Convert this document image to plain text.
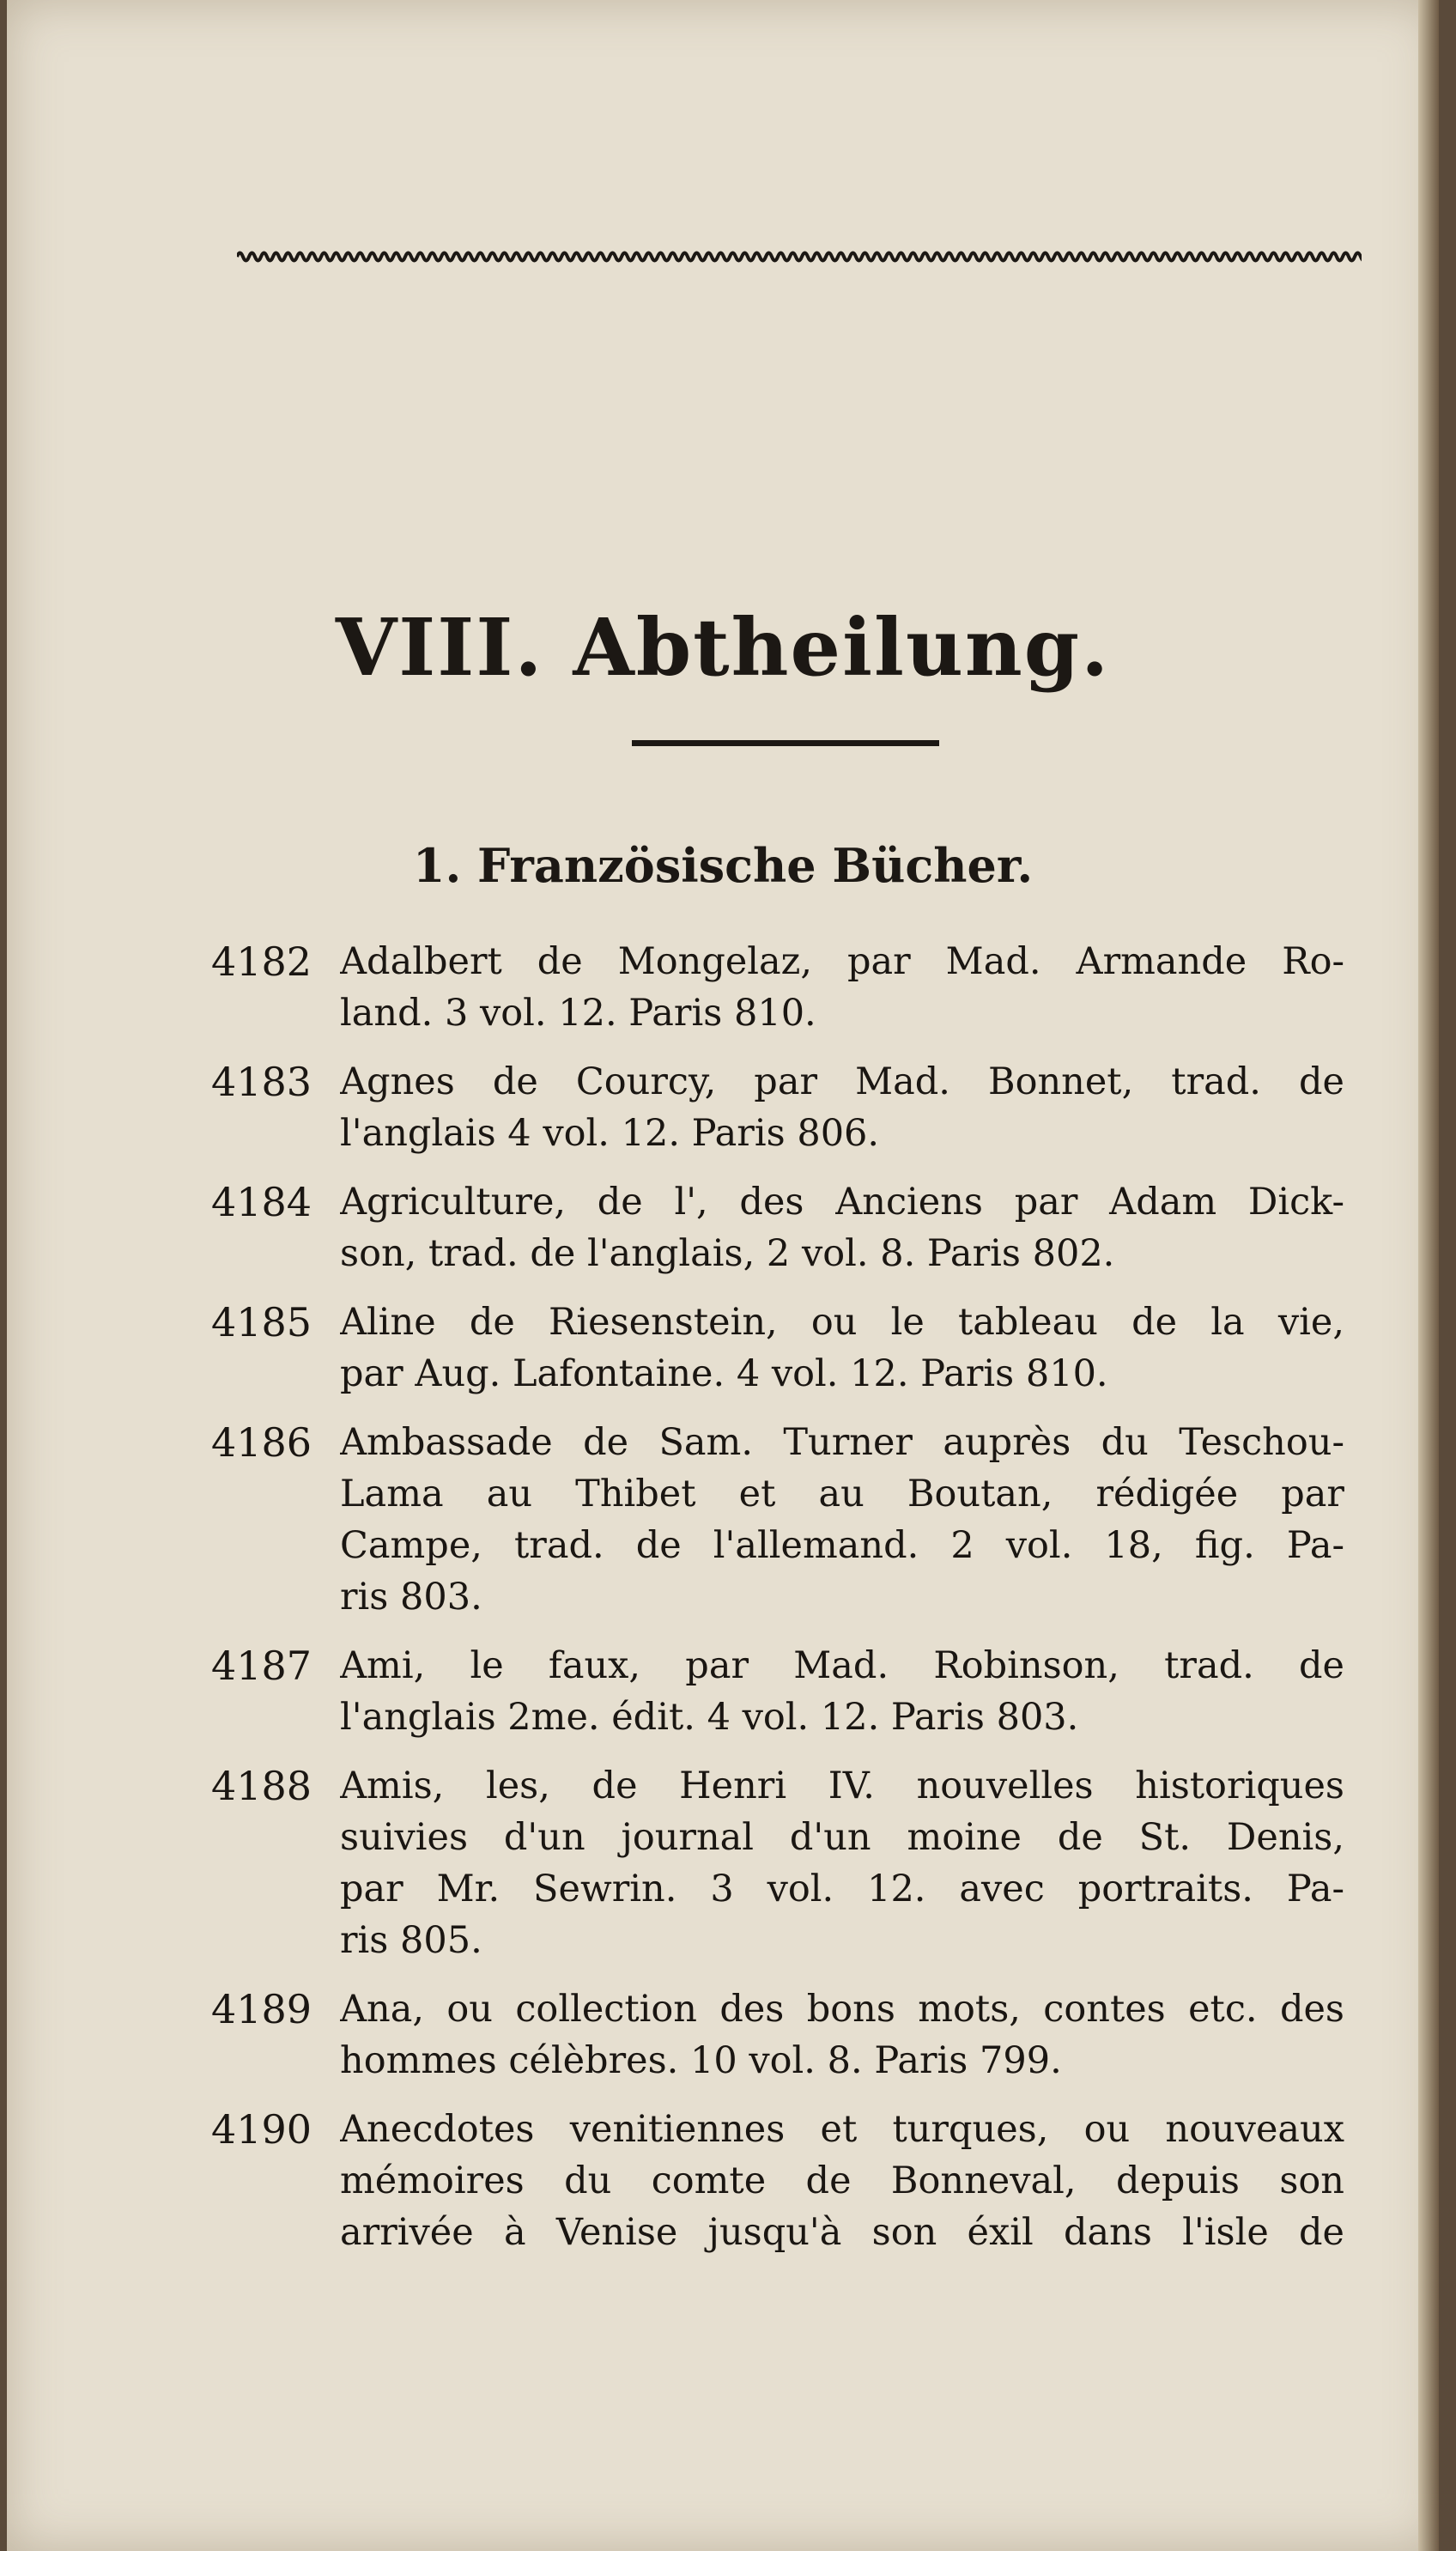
VIII. Abtheilung.
1. Französische Bücher.
4182 Adalbert de Mongelaz, par Mad. Armande Ro-
land. 3 vol. 12. Paris 810.
4183 Agnes de Courcy, par Mad. Bonnet, trad. de
l'anglais 4 vol. 12. Paris 806.
4184 Agriculture, de l', des Anciens par Adam Dick-
son, trad. de l'anglais, 2 vol. 8. Paris 802.
4185 Aline de Riesenstein, ou le tableau de la vie,
par Aug. Lafontaine. 4 vol. 12. Paris 810.
4186 Ambassade de Sam. Turner auprès du Teschou-
Lama au Thibet et au Boutan, rédigée par
Campe, trad. de l'allemand. 2 vol. 18, fig. Pa-
ris 803.
4187 Ami, le faux, par Mad. Robinson, trad. de
l'anglais 2me. édit. 4 vol. 12. Paris 803.
4188 Amis, les, de Henri IV. nouvelles historiques
suivies d'un journal d'un moine de St. Denis,
par Mr. Sewrin. 3 vol. 12. avec portraits. Pa-
ris 805.
4189 Ana, ou collection des bons mots, contes etc. des
hommes célèbres. 10 vol. 8. Paris 799.
4190 Anecdotes venitiennes et turques, ou nouveaux
mémoires du comte de Bonneval, depuis son
arrivée à Venise jusqu'à son éxil dans l'isle de
